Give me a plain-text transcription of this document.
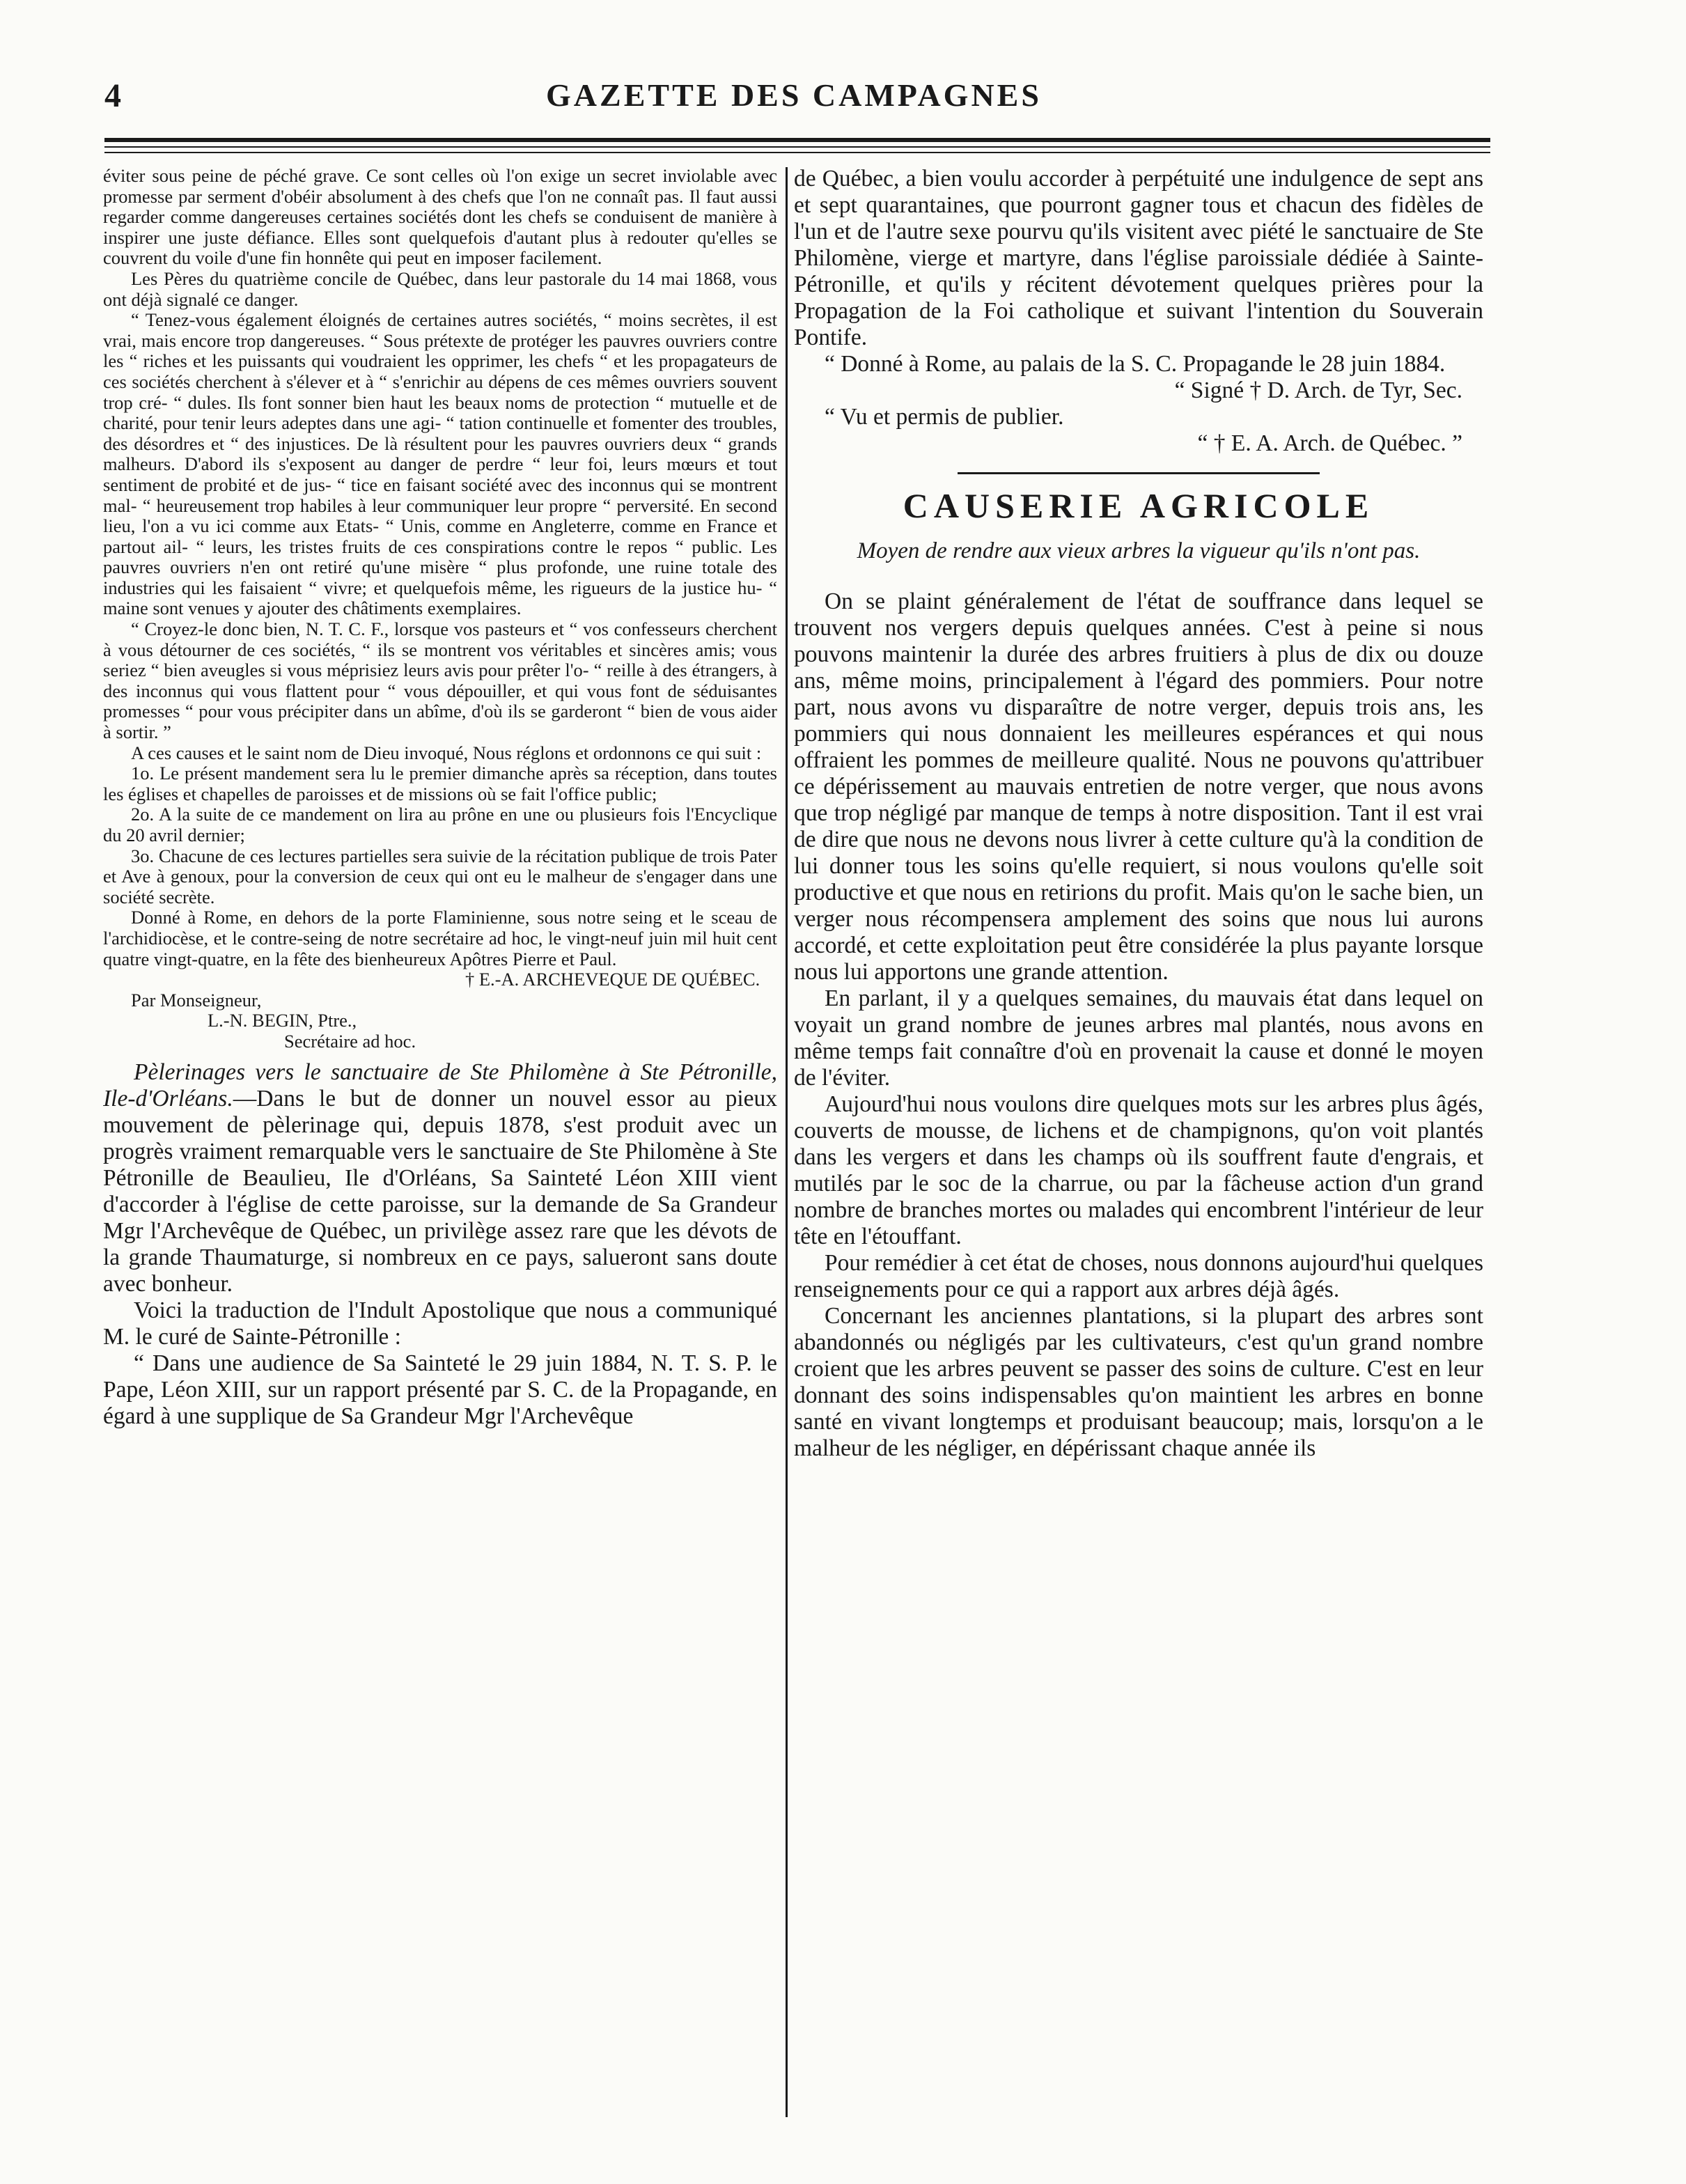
4	GAZETTE DES CAMPAGNES

éviter sous peine de péché grave. Ce sont celles où l'on exige un secret inviolable avec promesse par serment d'obéir absolument à des chefs que l'on ne connaît pas. Il faut aussi regarder comme dangereuses certaines sociétés dont les chefs se conduisent de manière à inspirer une juste défiance. Elles sont quelquefois d'autant plus à redouter qu'elles se couvrent du voile d'une fin honnête qui peut en imposer facilement.

Les Pères du quatrième concile de Québec, dans leur pastorale du 14 mai 1868, vous ont déjà signalé ce danger.

“ Tenez-vous également éloignés de certaines autres sociétés, “ moins secrètes, il est vrai, mais encore trop dangereuses. “ Sous prétexte de protéger les pauvres ouvriers contre les “ riches et les puissants qui voudraient les opprimer, les chefs “ et les propagateurs de ces sociétés cherchent à s'élever et à “ s'enrichir au dépens de ces mêmes ouvriers souvent trop cré- “ dules. Ils font sonner bien haut les beaux noms de protection “ mutuelle et de charité, pour tenir leurs adeptes dans une agi- “ tation continuelle et fomenter des troubles, des désordres et “ des injustices. De là résultent pour les pauvres ouvriers deux “ grands malheurs. D'abord ils s'exposent au danger de perdre “ leur foi, leurs mœurs et tout sentiment de probité et de jus- “ tice en faisant société avec des inconnus qui se montrent mal- “ heureusement trop habiles à leur communiquer leur propre “ perversité. En second lieu, l'on a vu ici comme aux Etats- “ Unis, comme en Angleterre, comme en France et partout ail- “ leurs, les tristes fruits de ces conspirations contre le repos “ public. Les pauvres ouvriers n'en ont retiré qu'une misère “ plus profonde, une ruine totale des industries qui les faisaient “ vivre; et quelquefois même, les rigueurs de la justice hu- “ maine sont venues y ajouter des châtiments exemplaires.

“ Croyez-le donc bien, N. T. C. F., lorsque vos pasteurs et “ vos confesseurs cherchent à vous détourner de ces sociétés, “ ils se montrent vos véritables et sincères amis; vous seriez “ bien aveugles si vous méprisiez leurs avis pour prêter l'o- “ reille à des étrangers, à des inconnus qui vous flattent pour “ vous dépouiller, et qui vous font de séduisantes promesses “ pour vous précipiter dans un abîme, d'où ils se garderont “ bien de vous aider à sortir. ”

A ces causes et le saint nom de Dieu invoqué, Nous réglons et ordonnons ce qui suit :

1o. Le présent mandement sera lu le premier dimanche après sa réception, dans toutes les églises et chapelles de paroisses et de missions où se fait l'office public;

2o. A la suite de ce mandement on lira au prône en une ou plusieurs fois l'Encyclique du 20 avril dernier;

3o. Chacune de ces lectures partielles sera suivie de la récitation publique de trois Pater et Ave à genoux, pour la conversion de ceux qui ont eu le malheur de s'engager dans une société secrète.

Donné à Rome, en dehors de la porte Flaminienne, sous notre seing et le sceau de l'archidiocèse, et le contre-seing de notre secrétaire ad hoc, le vingt-neuf juin mil huit cent quatre vingt-quatre, en la fête des bienheureux Apôtres Pierre et Paul.

† E.-A. ARCHEVEQUE DE QUÉBEC.

Par Monseigneur,

L.-N. BEGIN, Ptre.,

Secrétaire ad hoc.

Pèlerinages vers le sanctuaire de Ste Philomène à Ste Pétronille, Ile-d'Orléans.—Dans le but de donner un nouvel essor au pieux mouvement de pèlerinage qui, depuis 1878, s'est produit avec un progrès vraiment remarquable vers le sanctuaire de Ste Philomène à Ste Pétronille de Beaulieu, Ile d'Orléans, Sa Sainteté Léon XIII vient d'accorder à l'église de cette paroisse, sur la demande de Sa Grandeur Mgr l'Archevêque de Québec, un privilège assez rare que les dévots de la grande Thaumaturge, si nombreux en ce pays, salueront sans doute avec bonheur.

Voici la traduction de l'Indult Apostolique que nous a communiqué M. le curé de Sainte-Pétronille :

“ Dans une audience de Sa Sainteté le 29 juin 1884, N. T. S. P. le Pape, Léon XIII, sur un rapport présenté par S. C. de la Propagande, en égard à une supplique de Sa Grandeur Mgr l'Archevêque

de Québec, a bien voulu accorder à perpétuité une indulgence de sept ans et sept quarantaines, que pourront gagner tous et chacun des fidèles de l'un et de l'autre sexe pourvu qu'ils visitent avec piété le sanctuaire de Ste Philomène, vierge et martyre, dans l'église paroissiale dédiée à Sainte-Pétronille, et qu'ils y récitent dévotement quelques prières pour la Propagation de la Foi catholique et suivant l'intention du Souverain Pontife.

“ Donné à Rome, au palais de la S. C. Propagande le 28 juin 1884.

“ Signé † D. Arch. de Tyr, Sec.

“ Vu et permis de publier.

“ † E. A. Arch. de Québec. ”

CAUSERIE AGRICOLE

Moyen de rendre aux vieux arbres la vigueur qu'ils n'ont pas.

On se plaint généralement de l'état de souffrance dans lequel se trouvent nos vergers depuis quelques années. C'est à peine si nous pouvons maintenir la durée des arbres fruitiers à plus de dix ou douze ans, même moins, principalement à l'égard des pommiers. Pour notre part, nous avons vu disparaître de notre verger, depuis trois ans, les pommiers qui nous donnaient les meilleures espérances et qui nous offraient les pommes de meilleure qualité. Nous ne pouvons qu'attribuer ce dépérissement au mauvais entretien de notre verger, que nous avons que trop négligé par manque de temps à notre disposition. Tant il est vrai de dire que nous ne devons nous livrer à cette culture qu'à la condition de lui donner tous les soins qu'elle requiert, si nous voulons qu'elle soit productive et que nous en retirions du profit. Mais qu'on le sache bien, un verger nous récompensera amplement des soins que nous lui aurons accordé, et cette exploitation peut être considérée la plus payante lorsque nous lui apportons une grande attention.

En parlant, il y a quelques semaines, du mauvais état dans lequel on voyait un grand nombre de jeunes arbres mal plantés, nous avons en même temps fait connaître d'où en provenait la cause et donné le moyen de l'éviter.

Aujourd'hui nous voulons dire quelques mots sur les arbres plus âgés, couverts de mousse, de lichens et de champignons, qu'on voit plantés dans les vergers et dans les champs où ils souffrent faute d'engrais, et mutilés par le soc de la charrue, ou par la fâcheuse action d'un grand nombre de branches mortes ou malades qui encombrent l'intérieur de leur tête en l'étouffant.

Pour remédier à cet état de choses, nous donnons aujourd'hui quelques renseignements pour ce qui a rapport aux arbres déjà âgés.

Concernant les anciennes plantations, si la plupart des arbres sont abandonnés ou négligés par les cultivateurs, c'est qu'un grand nombre croient que les arbres peuvent se passer des soins de culture. C'est en leur donnant des soins indispensables qu'on maintient les arbres en bonne santé en vivant longtemps et produisant beaucoup; mais, lorsqu'on a le malheur de les négliger, en dépérissant chaque année ils
